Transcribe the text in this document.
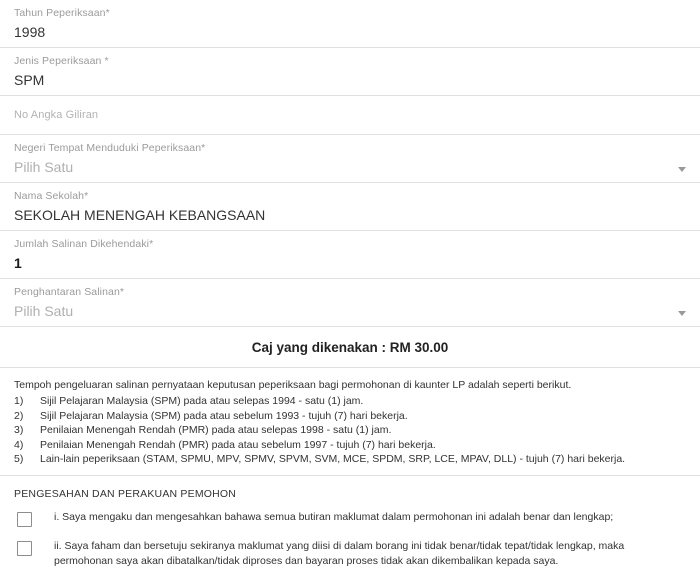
Tahun Peperiksaan*
1998
Jenis Peperiksaan *
SPM
No Angka Giliran
Negeri Tempat Menduduki Peperiksaan*
Pilih Satu
Nama Sekolah*
SEKOLAH MENENGAH KEBANGSAAN
Jumlah Salinan Dikehendaki*
1
Penghantaran Salinan*
Pilih Satu
Caj yang dikenakan : RM 30.00
Tempoh pengeluaran salinan pernyataan keputusan peperiksaan bagi permohonan di kaunter LP adalah seperti berikut.
1)	Sijil Pelajaran Malaysia (SPM) pada atau selepas 1994 - satu (1) jam.
2)	Sijil Pelajaran Malaysia (SPM) pada atau sebelum 1993 - tujuh (7) hari bekerja.
3)	Penilaian Menengah Rendah (PMR) pada atau selepas 1998 - satu (1) jam.
4)	Penilaian Menengah Rendah (PMR) pada atau sebelum 1997 - tujuh (7) hari bekerja.
5)	Lain-lain peperiksaan (STAM, SPMU, MPV, SPMV, SPVM, SVM, MCE, SPDM, SRP, LCE, MPAV, DLL) - tujuh (7) hari bekerja.
PENGESAHAN DAN PERAKUAN PEMOHON
i. Saya mengaku dan mengesahkan bahawa semua butiran maklumat dalam permohonan ini adalah benar dan lengkap;
ii. Saya faham dan bersetuju sekiranya maklumat yang diisi di dalam borang ini tidak benar/tidak tepat/tidak lengkap, maka permohonan saya akan dibatalkan/tidak diproses dan bayaran proses tidak akan dikembalikan kepada saya.
